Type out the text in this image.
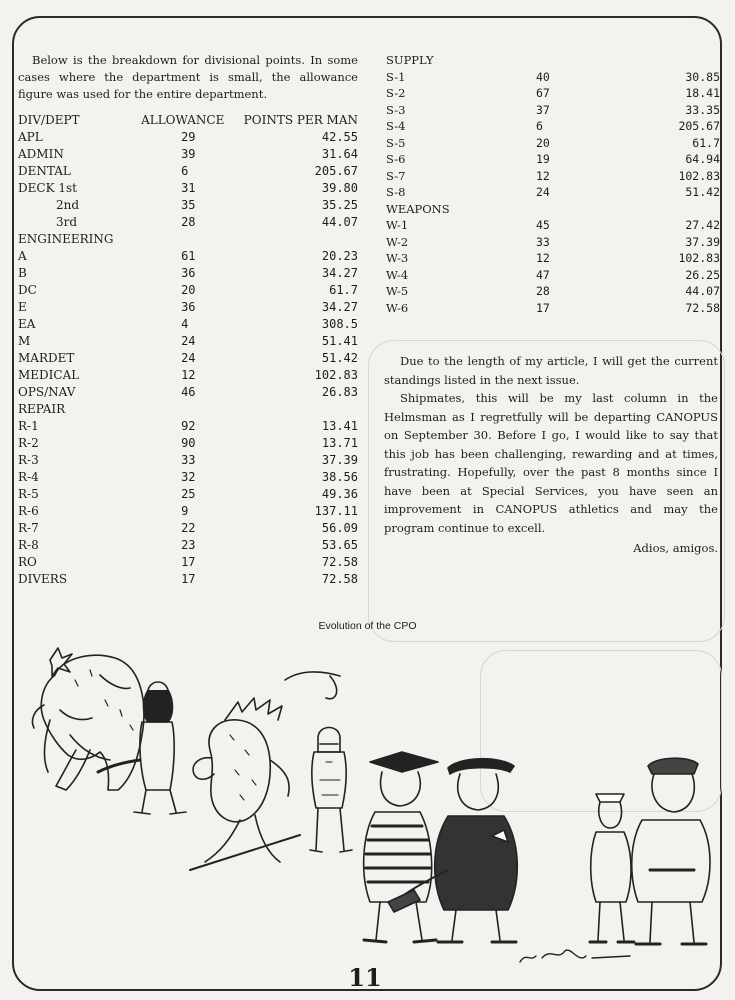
Below is the breakdown for divisional points. In some cases where the department is small, the allowance figure was used for the entire department.

DIV/DEPT	ALLOWANCE	POINTS PER MAN
APL	29	42.55
ADMIN	39	31.64
DENTAL	6	205.67
DECK 1st	31	39.80
2nd	35	35.25
3rd	28	44.07
ENGINEERING		
A	61	20.23
B	36	34.27
DC	20	61.7
E	36	34.27
EA	4	308.5
M	24	51.41
MARDET	24	51.42
MEDICAL	12	102.83
OPS/NAV	46	26.83
REPAIR		
R-1	92	13.41
R-2	90	13.71
R-3	33	37.39
R-4	32	38.56
R-5	25	49.36
R-6	9	137.11
R-7	22	56.09
R-8	23	53.65
RO	17	72.58
DIVERS	17	72.58
SUPPLY		
S-1	40	30.85
S-2	67	18.41
S-3	37	33.35
S-4	6	205.67
S-5	20	61.7
S-6	19	64.94
S-7	12	102.83
S-8	24	51.42
WEAPONS		
W-1	45	27.42
W-2	33	37.39
W-3	12	102.83
W-4	47	26.25
W-5	28	44.07
W-6	17	72.58

Due to the length of my article, I will get the current standings listed in the next issue.

Shipmates, this will be my last column in the Helmsman as I regretfully will be departing CANOPUS on September 30. Before I go, I would like to say that this job has been challenging, rewarding and at times, frustrating. Hopefully, over the past 8 months since I have been at Special Services, you have seen an improvement in CANOPUS athletics and may the program continue to excell.

Adios, amigos.
Evolution of the CPO
11
